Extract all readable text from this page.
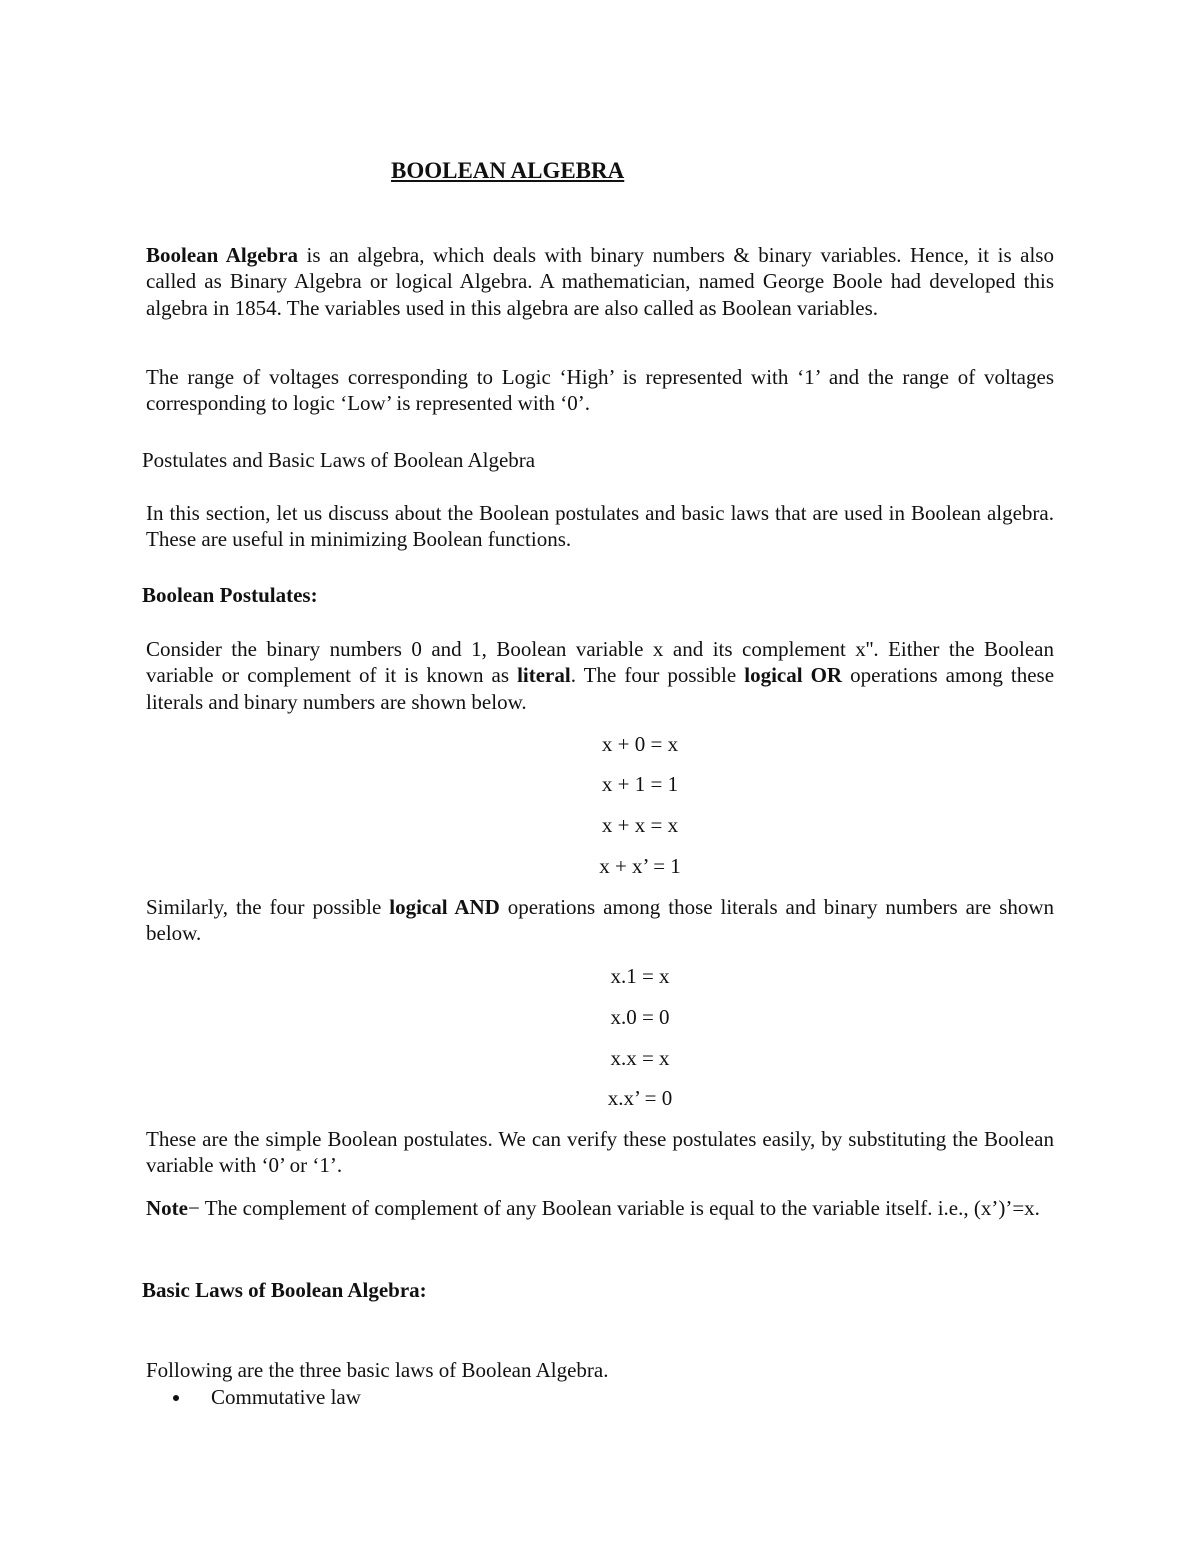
BOOLEAN ALGEBRA
Boolean Algebra is an algebra, which deals with binary numbers & binary variables. Hence, it is also called as Binary Algebra or logical Algebra. A mathematician, named George Boole had developed this algebra in 1854. The variables used in this algebra are also called as Boolean variables.
The range of voltages corresponding to Logic ‘High’ is represented with ‘1’ and the range of voltages corresponding to logic ‘Low’ is represented with ‘0’.
Postulates and Basic Laws of Boolean Algebra
In this section, let us discuss about the Boolean postulates and basic laws that are used in Boolean algebra. These are useful in minimizing Boolean functions.
Boolean Postulates:
Consider the binary numbers 0 and 1, Boolean variable x and its complement x''. Either the Boolean variable or complement of it is known as literal. The four possible logical OR operations among these literals and binary numbers are shown below.
x + 0 = x
x + 1 = 1
x + x = x
x + x’ = 1
Similarly, the four possible logical AND operations among those literals and binary numbers are shown below.
x.1 = x
x.0 = 0
x.x = x
x.x’ = 0
These are the simple Boolean postulates. We can verify these postulates easily, by substituting the Boolean variable with ‘0’ or ‘1’.
Note− The complement of complement of any Boolean variable is equal to the variable itself. i.e., (x’)’=x.
Basic Laws of Boolean Algebra:
Following are the three basic laws of Boolean Algebra.
Commutative law
